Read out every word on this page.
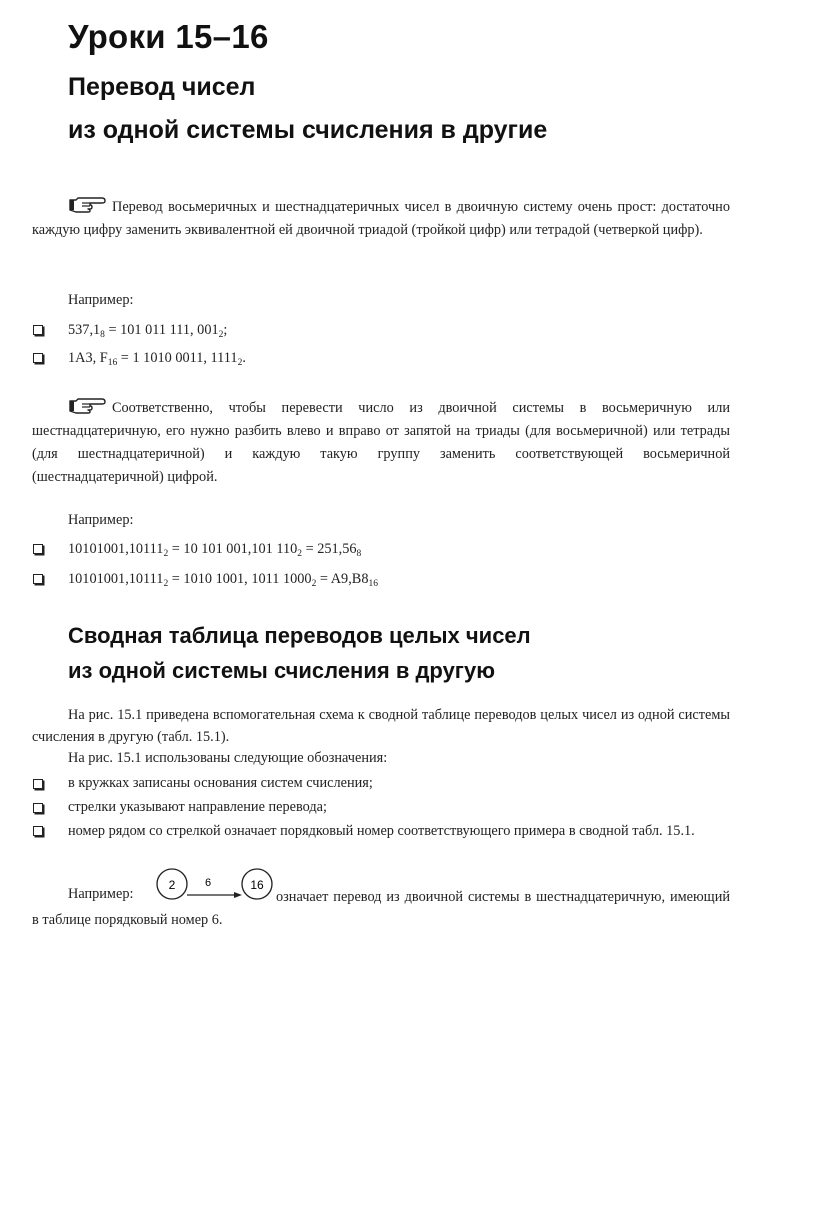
Уроки 15–16
Перевод чисел
из одной системы счисления в другие
Перевод восьмеричных и шестнадцатеричных чисел в двоичную систему очень прост: достаточно каждую цифру заменить эквивалентной ей двоичной триадой (тройкой цифр) или тетрадой (четверкой цифр).
Например:
$537,1_8 = 101$ 011 111, $001_2$;
1A3, $F_{16} = 1$ 1010 0011, $1111_2$.
Соответственно, чтобы перевести число из двоичной системы в восьмеричную или шестнадцатеричную, его нужно разбить влево и вправо от запятой на триады (для восьмеричной) или тетрады (для шестнадцатеричной) и каждую такую группу заменить соответствующей восьмеричной (шестнадцатеричной) цифрой.
Например:
$10101001,10111_2 = 10$ 101 001,101 $110_2 = 251,56_8$
$10101001,10111_2 = 1010$ 1001, 1011 $1000_2 = A9,B8_{16}$
Сводная таблица переводов целых чисел
из одной системы счисления в другую
На рис. 15.1 приведена вспомогательная схема к сводной таблице переводов целых чисел из одной системы счисления в другую (табл. 15.1).
На рис. 15.1 использованы следующие обозначения:
в кружках записаны основания систем счисления;
стрелки указывают направление перевода;
номер рядом со стрелкой означает порядковый номер соответствующего примера в сводной табл. 15.1.
Например:
2	6	16
означает перевод из двоичной системы в шестнадцатеричную, имеющий в таблице порядковый номер 6.
